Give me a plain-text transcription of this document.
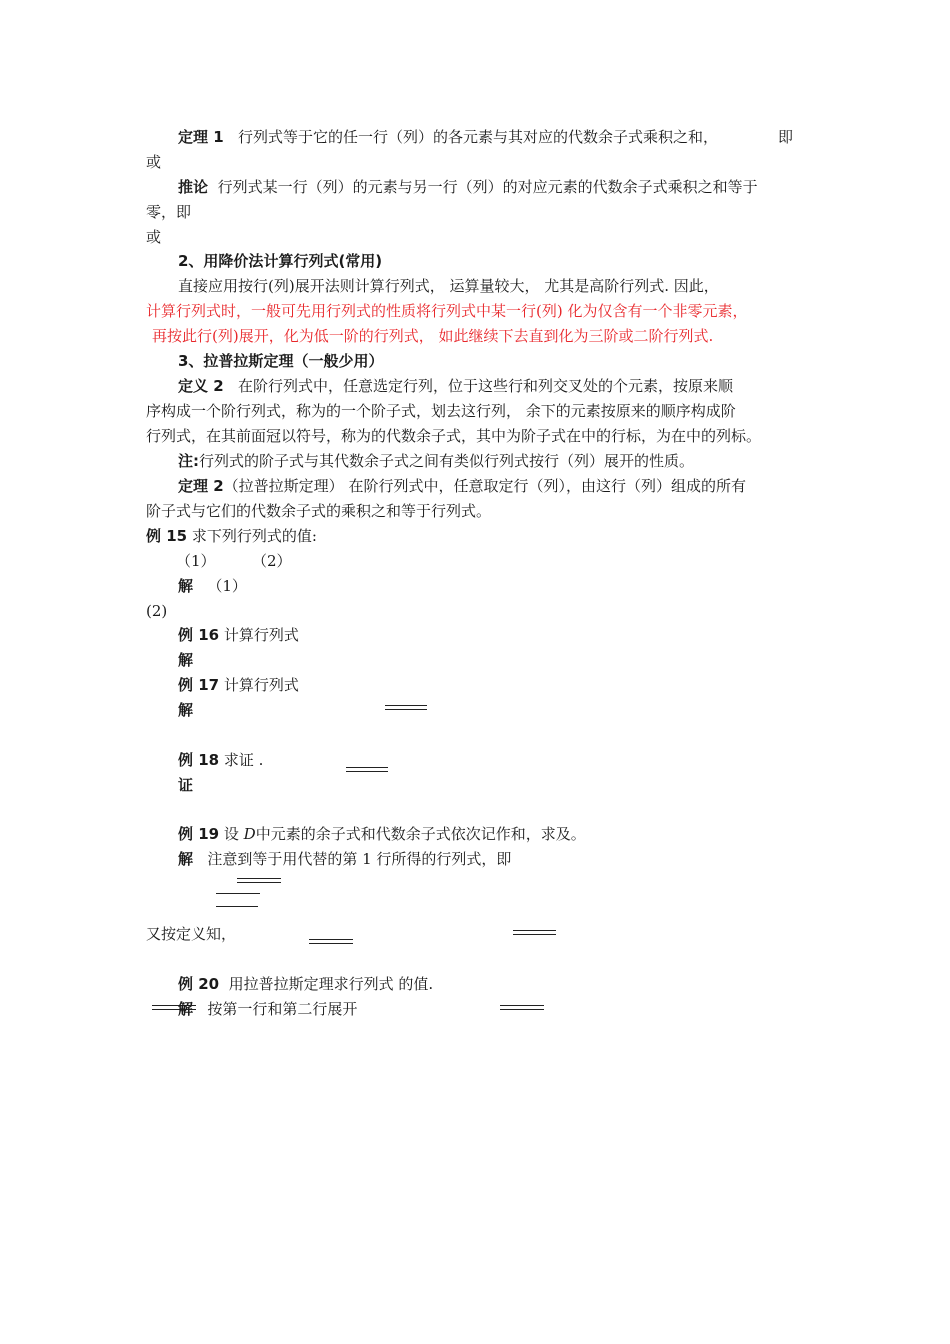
定理 1 行列式等于它的任一行（列）的各元素与其对应的代数余子式乘积之和，	即
或
推论 行列式某一行（列）的元素与另一行（列）的对应元素的代数余子式乘积之和等于
零，即
或
2、用降价法计算行列式(常用)
直接应用按行(列)展开法则计算行列式， 运算量较大， 尤其是高阶行列式. 因此，
计算行列式时，一般可先用行列式的性质将行列式中某一行(列) 化为仅含有一个非零元素，
再按此行(列)展开，化为低一阶的行列式， 如此继续下去直到化为三阶或二阶行列式.
3、拉普拉斯定理（一般少用）
定义 2 在阶行列式中，任意选定行列，位于这些行和列交叉处的个元素，按原来顺
序构成一个阶行列式，称为的一个阶子式，划去这行列， 余下的元素按原来的顺序构成阶
行列式，在其前面冠以符号，称为的代数余子式，其中为阶子式在中的行标，为在中的列标。
注:行列式的阶子式与其代数余子式之间有类似行列式按行（列）展开的性质。
定理 2（拉普拉斯定理） 在阶行列式中，任意取定行（列），由这行（列）组成的所有
阶子式与它们的代数余子式的乘积之和等于行列式。
例 15 求下列行列式的值:
（1） （2）
解 （1）
(2)
例 16 计算行列式
解
例 17 计算行列式
解
例 18 求证 .
证
例 19 设 D中元素的余子式和代数余子式依次记作和，求及。
解 注意到等于用代替的第 1 行所得的行列式，即
又按定义知，
例 20 用拉普拉斯定理求行列式 的值.
解 按第一行和第二行展开
